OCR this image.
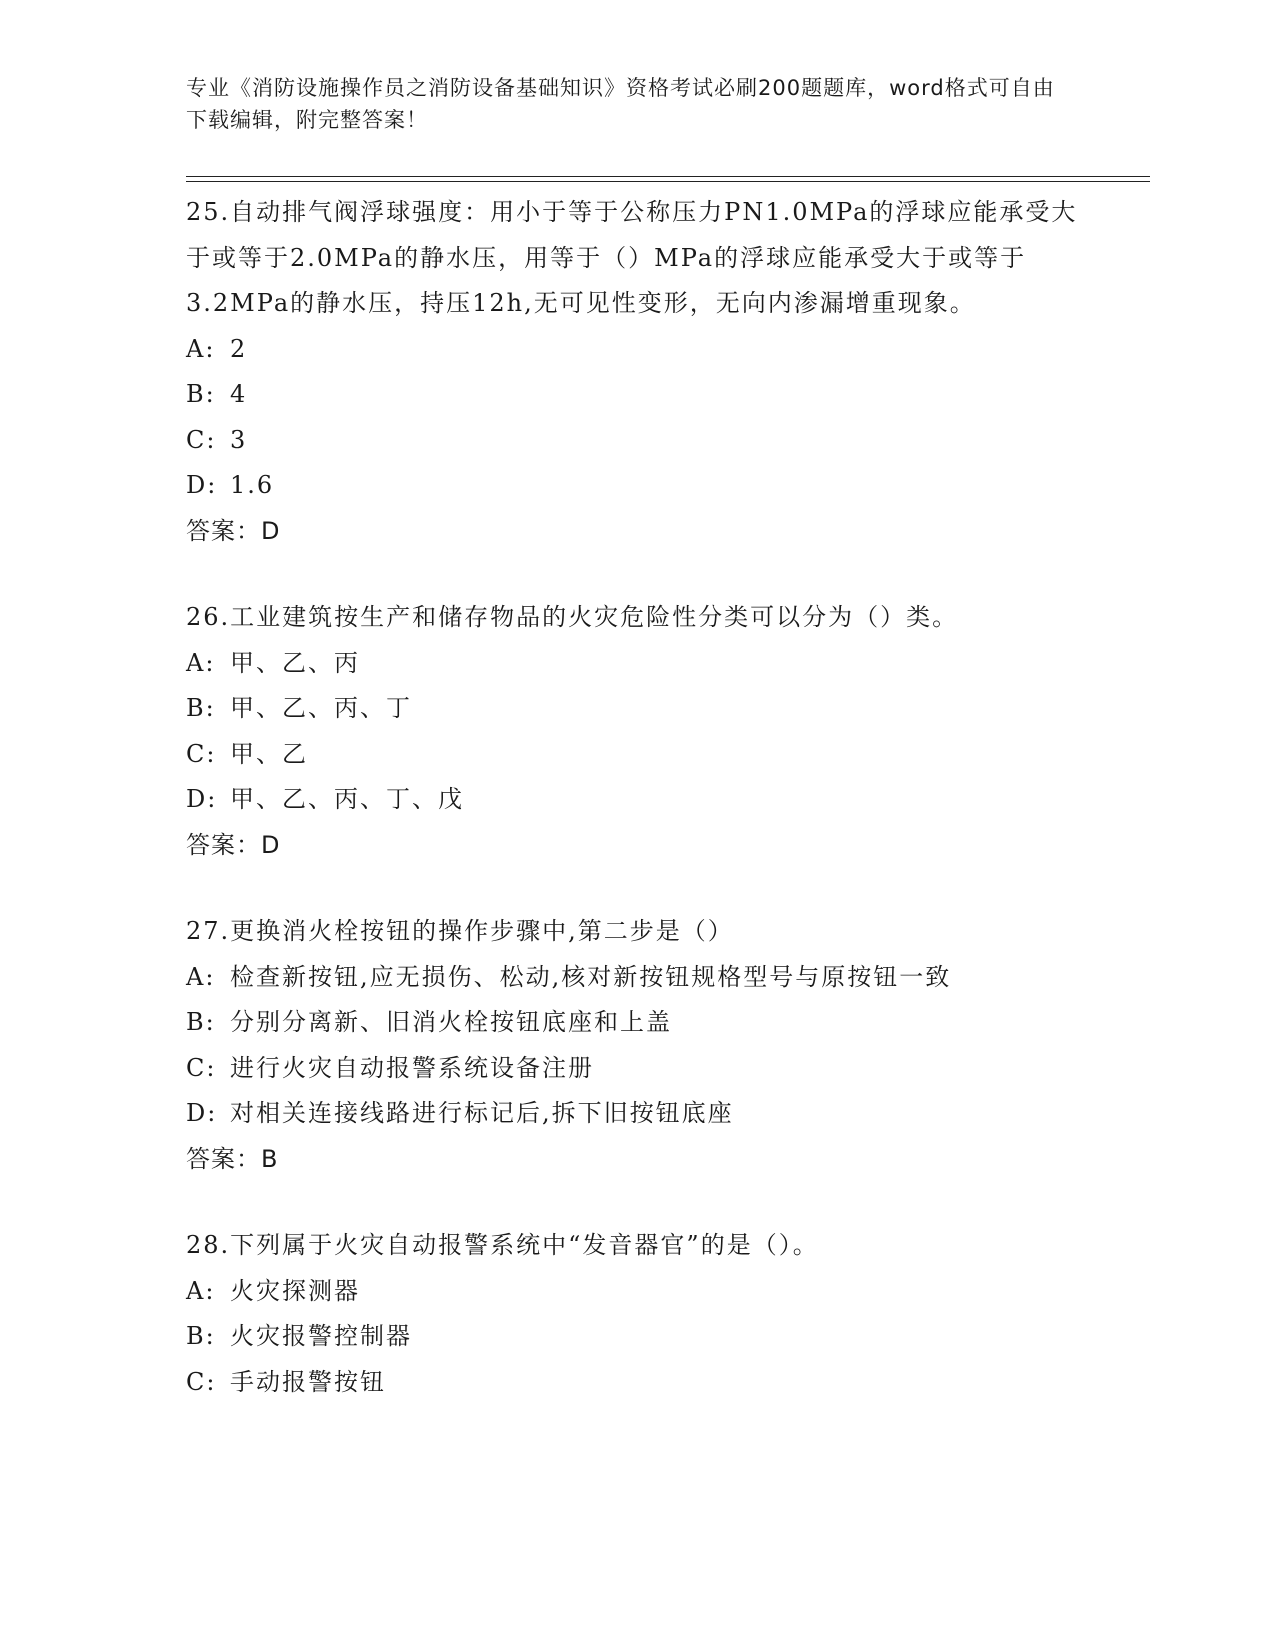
专业《消防设施操作员之消防设备基础知识》资格考试必刷200题题库，word格式可自由下载编辑，附完整答案！
25.自动排气阀浮球强度：用小于等于公称压力PN1.0MPa的浮球应能承受大于或等于2.0MPa的静水压，用等于（）MPa的浮球应能承受大于或等于3.2MPa的静水压，持压12h,无可见性变形，无向内渗漏增重现象。
A: 2
B: 4
C: 3
D: 1.6
答案：D
26.工业建筑按生产和储存物品的火灾危险性分类可以分为（）类。
A: 甲、乙、丙
B: 甲、乙、丙、丁
C: 甲、乙
D: 甲、乙、丙、丁、戊
答案：D
27.更换消火栓按钮的操作步骤中,第二步是（）
A: 检查新按钮,应无损伤、松动,核对新按钮规格型号与原按钮一致
B: 分别分离新、旧消火栓按钮底座和上盖
C: 进行火灾自动报警系统设备注册
D: 对相关连接线路进行标记后,拆下旧按钮底座
答案：B
28.下列属于火灾自动报警系统中“发音器官”的是（）。
A: 火灾探测器
B: 火灾报警控制器
C: 手动报警按钮
